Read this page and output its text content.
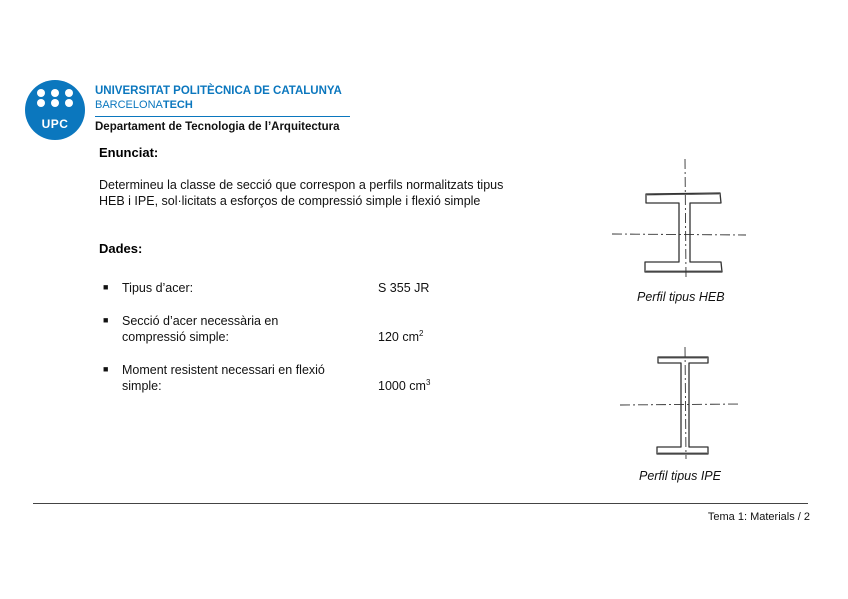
UPC
UNIVERSITAT POLITÈCNICA DE CATALUNYA
BARCELONATECH
Departament de Tecnologia de l’Arquitectura
Enunciat:
Determineu la classe de secció que correspon a perfils normalitzats tipus
HEB i IPE, sol·licitats a esforços de compressió simple i flexió simple
Dades:
■ Tipus d’acer:	S 355 JR
■ Secció d’acer necessària en
compressió simple:	120 $cm^2$
■ Moment resistent necessari en flexió
simple:	1000 $cm^3$
Perfil tipus HEB
Perfil tipus IPE
Tema 1: Materials / 2
